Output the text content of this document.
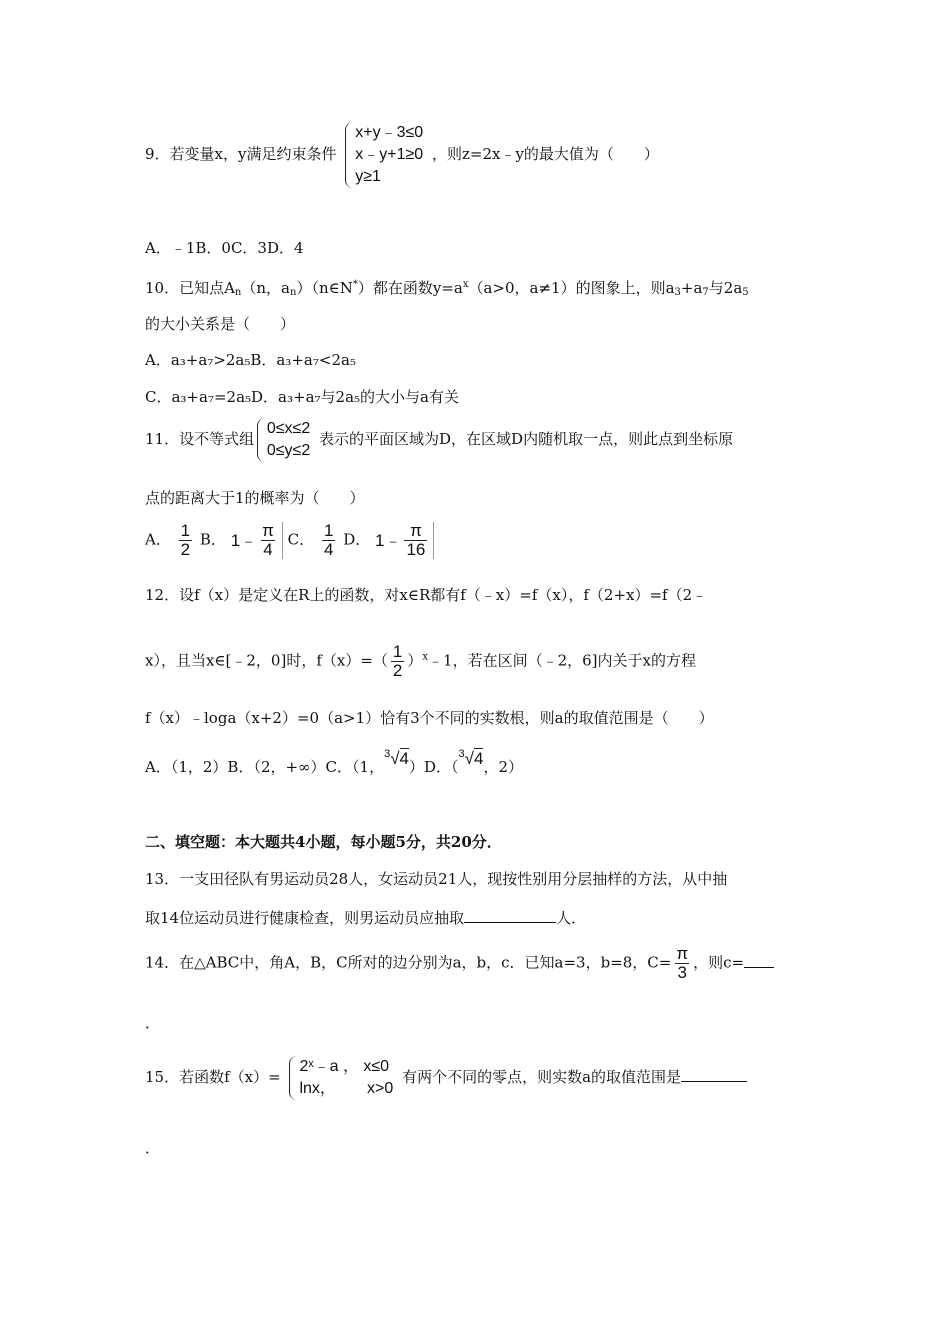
9．若变量x，y满足约束条件
x+y﹣3≤0
x﹣y+1≥0
y≥1
，则z=2x﹣y的最大值为（　　）
A．﹣1B．0C．3D．4
10．已知点$A_n(n$，$a_n)(n\in N^*)$都在函数$y=a^x(a>0$，a≠1）的图象上，则$a_3+a_7$与$2a_5$
的大小关系是（　　）
A．a₃+a₇>2a₅B．a₃+a₇<2a₅
C．a₃+a₇=2a₅D．a₃+a₇与2a₅的大小与a有关
11．设不等式组
0≤x≤2
0≤y≤2
表示的平面区域为D，在区域D内随机取一点，则此点到坐标原
点的距离大于1的概率为（　　）
A． $\frac{1}{2}$ B． 1﹣ $\frac{\pi}{4}$ C． $\frac{1}{4}$ D． 1﹣ $\frac{\pi}{16}$
12．设f（x）是定义在R上的函数，对x∈R都有f（﹣x）=f（x），f（2+x）=f（2﹣
x），且当x∈[﹣2，0]时，$f(x)=( \frac{1}{2}$ ）$^x﹣1$，若在区间（﹣2，6]内关于x的方程
f（x）﹣loga（x+2）=0（a>1）恰有3个不同的实数根，则a的取值范围是（　　）
A．（1，2）B．（2，+∞）C．（1，$^3$√4）D．（$^3$√4，2）
二、填空题：本大题共4小题，每小题5分，共20分．
13．一支田径队有男运动员28人，女运动员21人，现按性别用分层抽样的方法，从中抽
取14位运动员进行健康检查，则男运动员应抽取	人．
14．在△ABC中，角A，B，C所对的边分别为a，b，c．已知a=3，b=8，$C= \frac{\pi}{3}$ ，则c=
．
15．若函数f（x）=
2ˣ﹣a ， x≤0
lnx，       x>0
有两个不同的零点，则实数a的取值范围是
．
